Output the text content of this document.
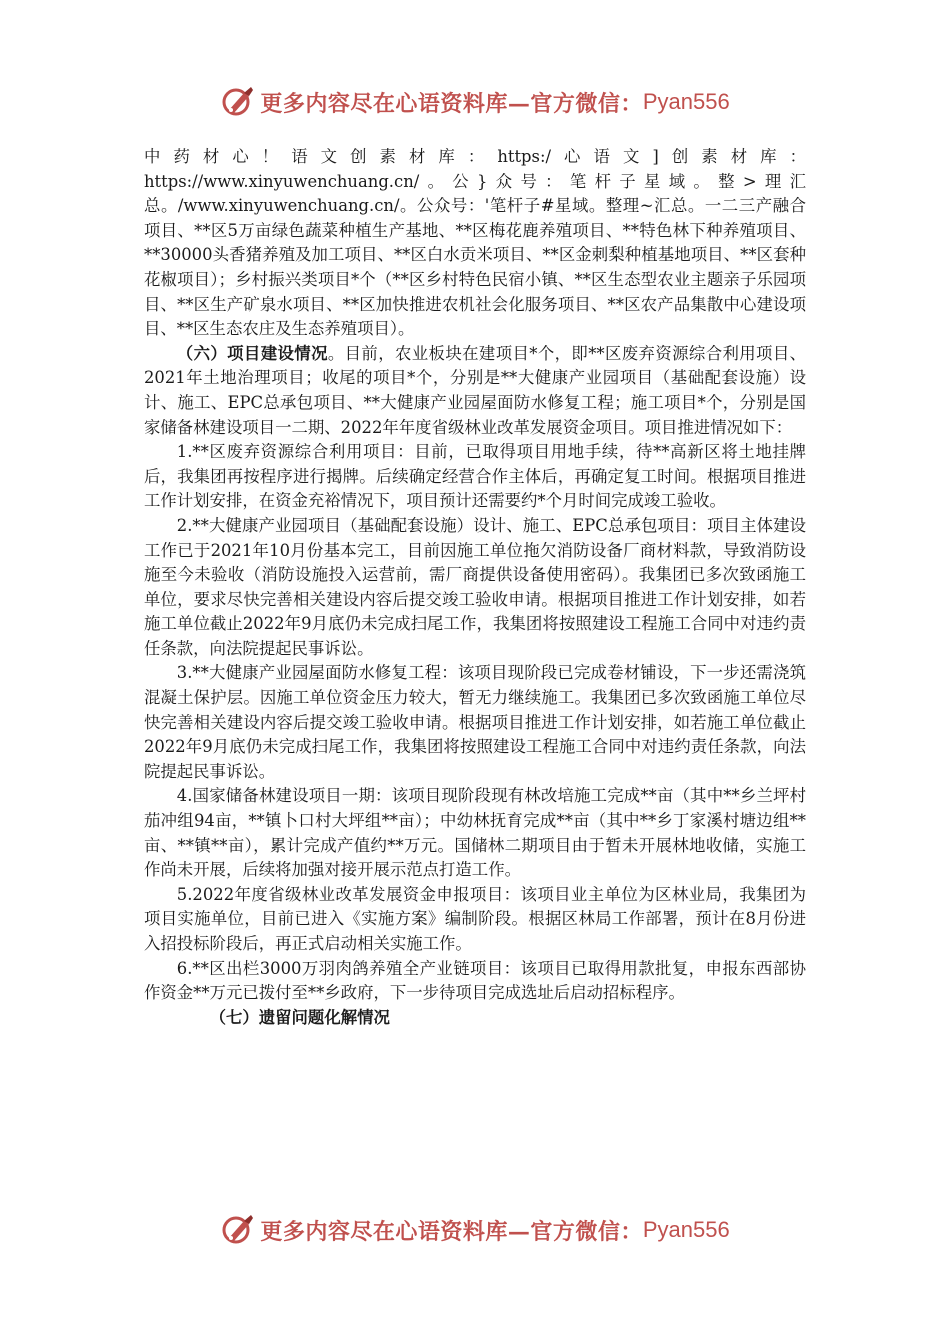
更多内容尽在心语资料库—官方微信： Pyan556

中药材心！语文创素材库：https:/心语文]创素材库：https://www.xinyuwenchuang.cn/。公}众号：笔杆子星域。整>理汇总。/www.xinyuwenchuang.cn/。公众号：'笔杆子#星域。整理~汇总。一二三产融合项目、**区5万亩绿色蔬菜种植生产基地、**区梅花鹿养殖项目、**特色林下种养殖项目、**30000头香猪养殖及加工项目、**区白水贡米项目、**区金刺梨种植基地项目、**区套种花椒项目）；乡村振兴类项目*个（**区乡村特色民宿小镇、**区生态型农业主题亲子乐园项目、**区生产矿泉水项目、**区加快推进农机社会化服务项目、**区农产品集散中心建设项目、**区生态农庄及生态养殖项目）。

（六）项目建设情况。目前，农业板块在建项目*个，即**区废弃资源综合利用项目、2021年土地治理项目；收尾的项目*个，分别是**大健康产业园项目（基础配套设施）设计、施工、EPC总承包项目、**大健康产业园屋面防水修复工程；施工项目*个，分别是国家储备林建设项目一二期、2022年年度省级林业改革发展资金项目。项目推进情况如下：

1.**区废弃资源综合利用项目：目前，已取得项目用地手续，待**高新区将土地挂牌后，我集团再按程序进行揭牌。后续确定经营合作主体后，再确定复工时间。根据项目推进工作计划安排，在资金充裕情况下，项目预计还需要约*个月时间完成竣工验收。

2.**大健康产业园项目（基础配套设施）设计、施工、EPC总承包项目：项目主体建设工作已于2021年10月份基本完工，目前因施工单位拖欠消防设备厂商材料款，导致消防设施至今未验收（消防设施投入运营前，需厂商提供设备使用密码）。我集团已多次致函施工单位，要求尽快完善相关建设内容后提交竣工验收申请。根据项目推进工作计划安排，如若施工单位截止2022年9月底仍未完成扫尾工作，我集团将按照建设工程施工合同中对违约责任条款，向法院提起民事诉讼。

3.**大健康产业园屋面防水修复工程：该项目现阶段已完成卷材铺设，下一步还需浇筑混凝土保护层。因施工单位资金压力较大，暂无力继续施工。我集团已多次致函施工单位尽快完善相关建设内容后提交竣工验收申请。根据项目推进工作计划安排，如若施工单位截止2022年9月底仍未完成扫尾工作，我集团将按照建设工程施工合同中对违约责任条款，向法院提起民事诉讼。

4.国家储备林建设项目一期：该项目现阶段现有林改培施工完成**亩（其中**乡兰坪村茄冲组94亩，**镇卜口村大坪组**亩）；中幼林抚育完成**亩（其中**乡丁家溪村塘边组**亩、**镇**亩），累计完成产值约**万元。国储林二期项目由于暂未开展林地收储，实施工作尚未开展，后续将加强对接开展示范点打造工作。

5.2022年度省级林业改革发展资金申报项目：该项目业主单位为区林业局，我集团为项目实施单位，目前已进入《实施方案》编制阶段。根据区林局工作部署，预计在8月份进入招投标阶段后，再正式启动相关实施工作。

6.**区出栏3000万羽肉鸽养殖全产业链项目：该项目已取得用款批复，申报东西部协作资金**万元已拨付至**乡政府，下一步待项目完成选址后启动招标程序。

（七）遗留问题化解情况

更多内容尽在心语资料库—官方微信： Pyan556
